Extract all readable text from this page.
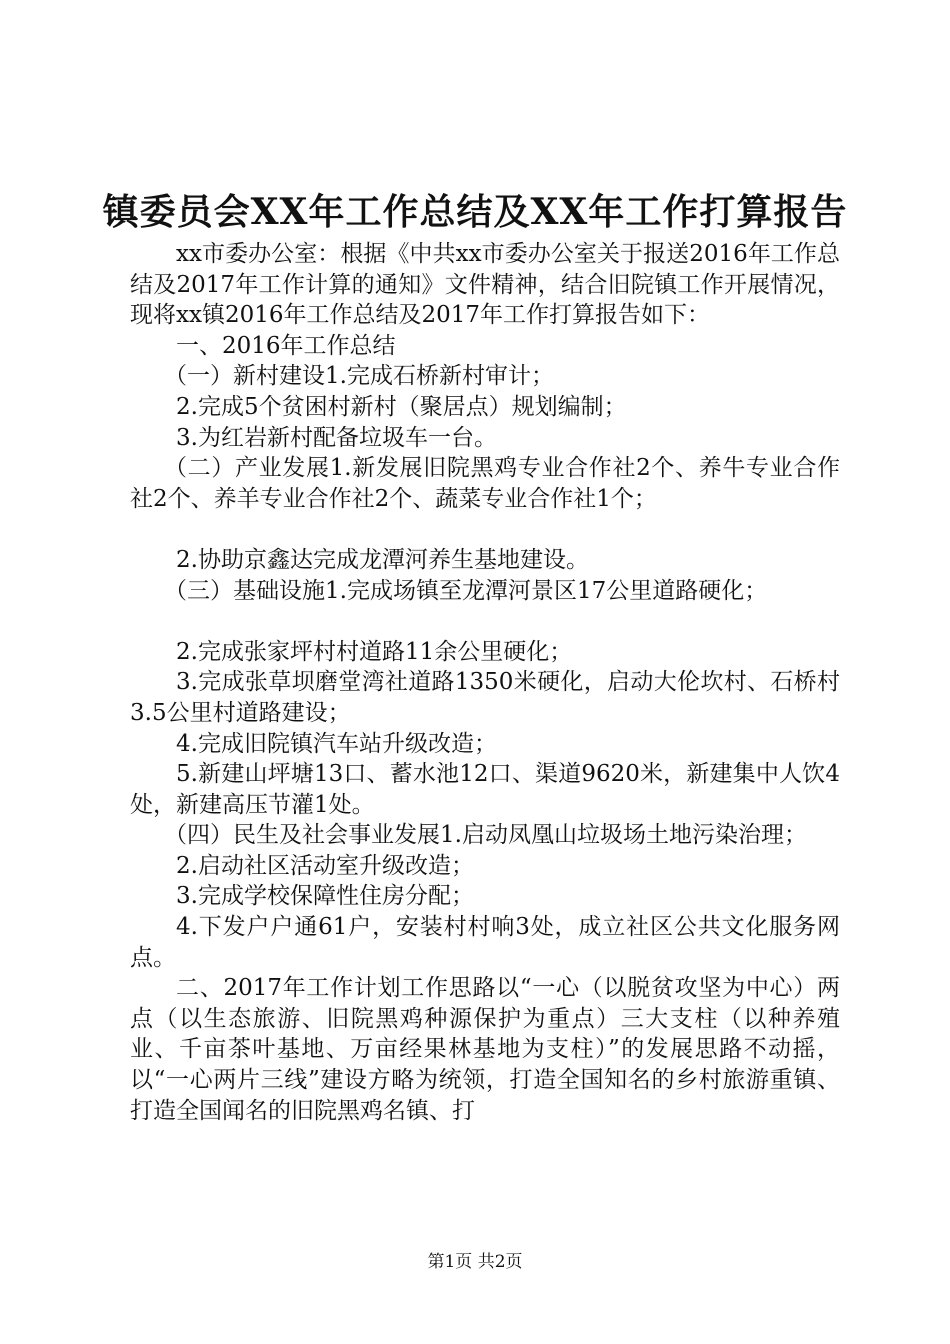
镇委员会XX年工作总结及XX年工作打算报告

xx市委办公室：根据《中共xx市委办公室关于报送2016年工作总结及2017年工作计算的通知》文件精神，结合旧院镇工作开展情况，现将xx镇2016年工作总结及2017年工作打算报告如下：

一、2016年工作总结

（一）新村建设1.完成石桥新村审计；

2.完成5个贫困村新村（聚居点）规划编制；

3.为红岩新村配备垃圾车一台。

（二）产业发展1.新发展旧院黑鸡专业合作社2个、养牛专业合作社2个、养羊专业合作社2个、蔬菜专业合作社1个；

2.协助京鑫达完成龙潭河养生基地建设。

（三）基础设施1.完成场镇至龙潭河景区17公里道路硬化；

2.完成张家坪村村道路11余公里硬化；

3.完成张草坝磨堂湾社道路1350米硬化，启动大伦坎村、石桥村3.5公里村道路建设；

4.完成旧院镇汽车站升级改造；

5.新建山坪塘13口、蓄水池12口、渠道9620米，新建集中人饮4处，新建高压节灌1处。

（四）民生及社会事业发展1.启动凤凰山垃圾场土地污染治理；

2.启动社区活动室升级改造；

3.完成学校保障性住房分配；

4.下发户户通61户，安装村村响3处，成立社区公共文化服务网点。

二、2017年工作计划工作思路以“一心（以脱贫攻坚为中心）两点（以生态旅游、旧院黑鸡种源保护为重点）三大支柱（以种养殖业、千亩茶叶基地、万亩经果林基地为支柱）”的发展思路不动摇，以“一心两片三线”建设方略为统领，打造全国知名的乡村旅游重镇、打造全国闻名的旧院黑鸡名镇、打

第1页 共2页
